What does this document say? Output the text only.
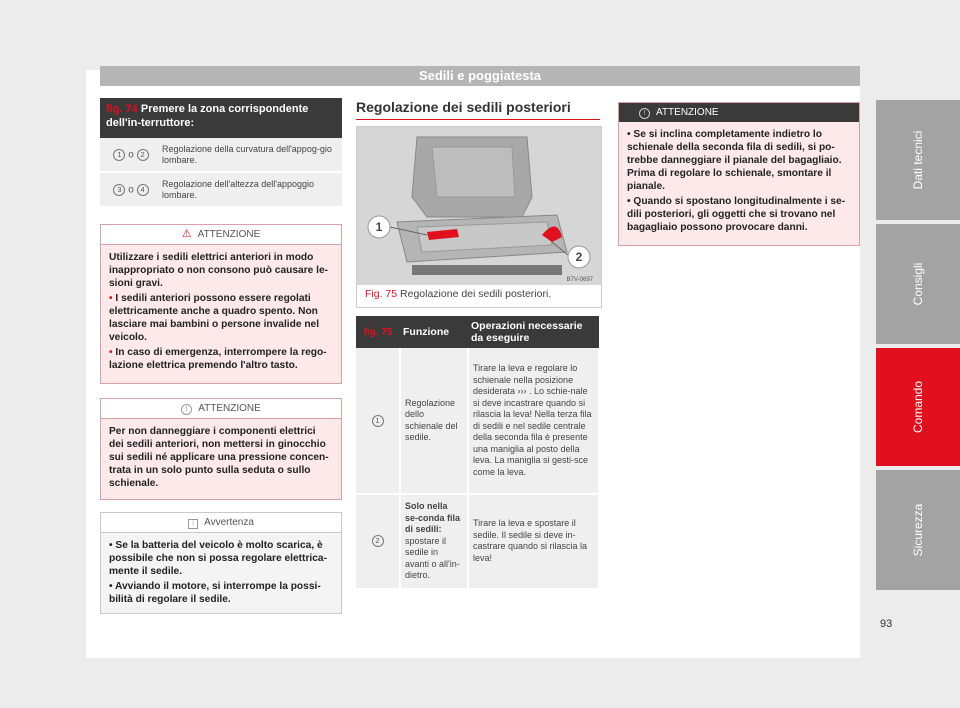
Sedili e poggiatesta
Dati tecnici
Consigli
Comando
Sicurezza
93
fig. 74 Premere la zona corrispondente dell'in-terruttore:
1 o 2
Regolazione della curvatura dell'appog-gio lombare.
3 o 4
Regolazione dell'altezza dell'appoggio lombare.
⚠ ATTENZIONE

Utilizzare i sedili elettrici anteriori in modo inappropriato o non consono può causare le-sioni gravi.

• I sedili anteriori possono essere regolati elettricamente anche a quadro spento. Non lasciare mai bambini o persone invalide nel veicolo.

• In caso di emergenza, interrompere la rego-lazione elettrica premendo l'altro tasto.

! ATTENZIONE

Per non danneggiare i componenti elettrici dei sedili anteriori, non mettersi in ginocchio sui sedili né applicare una pressione concen-trata in un solo punto sulla seduta o sullo schienale.

i Avvertenza

• Se la batteria del veicolo è molto scarica, è possibile che non si possa regolare elettrica-mente il sedile.

• Avviando il motore, si interrompe la possi-bilità di regolare il sedile.

Regolazione dei sedili posteriori
1
2
B7V-0697
Fig. 75 Regolazione dei sedili posteriori.
fig. 75	Funzione	Operazioni necessarie da eseguire
1	Regolazione dello schienale del sedile.	Tirare la leva e regolare lo schienale nella posizione desiderata ››› . Lo schie-nale si deve incastrare quando si rilascia la leva! Nella terza fila di sedili e nel sedile centrale della seconda fila è presente una maniglia al posto della leva. La maniglia si gesti-sce come la leva.
2	Solo nella se-conda fila di sedili: spostare il sedile in avanti o all'in-dietro.	Tirare la leva e spostare il sedile. Il sedile si deve in-castrare quando si rilascia la leva!
! ATTENZIONE

• Se si inclina completamente indietro lo schienale della seconda fila di sedili, si po-trebbe danneggiare il pianale del bagagliaio. Prima di regolare lo schienale, smontare il pianale.

• Quando si spostano longitudinalmente i se-dili posteriori, gli oggetti che si trovano nel bagagliaio possono provocare danni.
